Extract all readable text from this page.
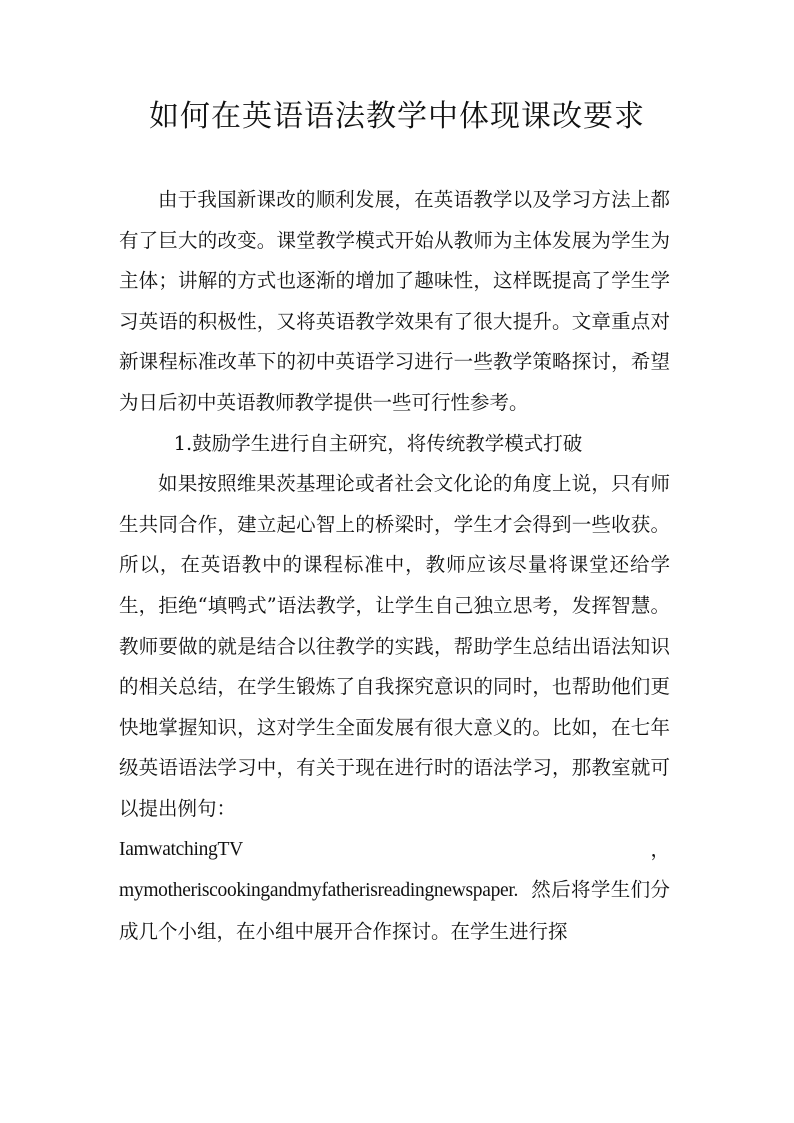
如何在英语语法教学中体现课改要求

由于我国新课改的顺利发展，在英语教学以及学习方法上都有了巨大的改变。课堂教学模式开始从教师为主体发展为学生为主体；讲解的方式也逐渐的增加了趣味性，这样既提高了学生学习英语的积极性，又将英语教学效果有了很大提升。文章重点对新课程标准改革下的初中英语学习进行一些教学策略探讨，希望为日后初中英语教师教学提供一些可行性参考。

1.鼓励学生进行自主研究，将传统教学模式打破

如果按照维果茨基理论或者社会文化论的角度上说，只有师生共同合作，建立起心智上的桥梁时，学生才会得到一些收获。所以，在英语教中的课程标准中，教师应该尽量将课堂还给学生，拒绝“填鸭式”语法教学，让学生自己独立思考，发挥智慧。教师要做的就是结合以往教学的实践，帮助学生总结出语法知识的相关总结，在学生锻炼了自我探究意识的同时，也帮助他们更快地掌握知识，这对学生全面发展有很大意义的。比如，在七年级英语语法学习中，有关于现在进行时的语法学习，那教室就可以提出例句：

IamwatchingTV	，

mymotheriscookingandmyfatherisreadingnewspaper. 然后将学生们分成几个小组，在小组中展开合作探讨。在学生进行探
